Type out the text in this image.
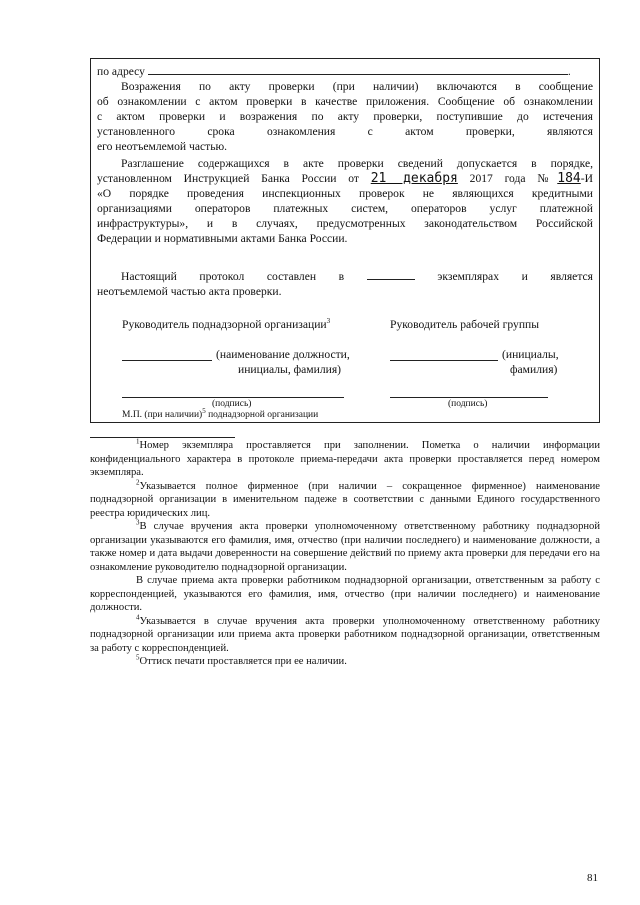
по адресу	.
Возражения по акту проверки (при наличии) включаются в сообщение
об ознакомлении с актом проверки в качестве приложения. Сообщение об ознакомлении
с актом проверки и возражения по акту проверки, поступившие до истечения
установленного срока ознакомления с актом проверки, являются
его неотъемлемой частью.
Разглашение содержащихся в акте проверки сведений допускается в порядке,
установленном Инструкцией Банка России от 21 декабря 2017 года №184-И
«О порядке проведения инспекционных проверок не являющихся кредитными
организациями операторов платежных систем, операторов услуг платежной
инфраструктуры», и в случаях, предусмотренных законодательством Российской
Федерации и нормативными актами Банка России.
Настоящий протокол составлен в	экземплярах и является
неотъемлемой частью акта проверки.
Руководитель поднадзорной организации$^3$	Руководитель рабочей группы
(наименование должности,
инициалы, фамилия)
(инициалы,
фамилия)
(подпись)	(подпись)
М.П. (при наличии)$^5$ поднадзорной организации

$^1$Номер экземпляра проставляется при заполнении. Пометка о наличии информации конфиденциального характера в протоколе приема-передачи акта проверки проставляется перед номером экземпляра.

$^2$Указывается полное фирменное (при наличии – сокращенное фирменное) наименование поднадзорной организации в именительном падеже в соответствии с данными Единого государственного реестра юридических лиц.

$^3$В случае вручения акта проверки уполномоченному ответственному работнику поднадзорной организации указываются его фамилия, имя, отчество (при наличии последнего) и наименование должности, а также номер и дата выдачи доверенности на совершение действий по приему акта проверки для передачи его на ознакомление руководителю поднадзорной организации.

В случае приема акта проверки работником поднадзорной организации, ответственным за работу с корреспонденцией, указываются его фамилия, имя, отчество (при наличии последнего) и наименование должности.

$^4$Указывается в случае вручения акта проверки уполномоченному ответственному работнику поднадзорной организации или приема акта проверки работником поднадзорной организации, ответственным за работу с корреспонденцией.

$^5$Оттиск печати проставляется при ее наличии.

81
